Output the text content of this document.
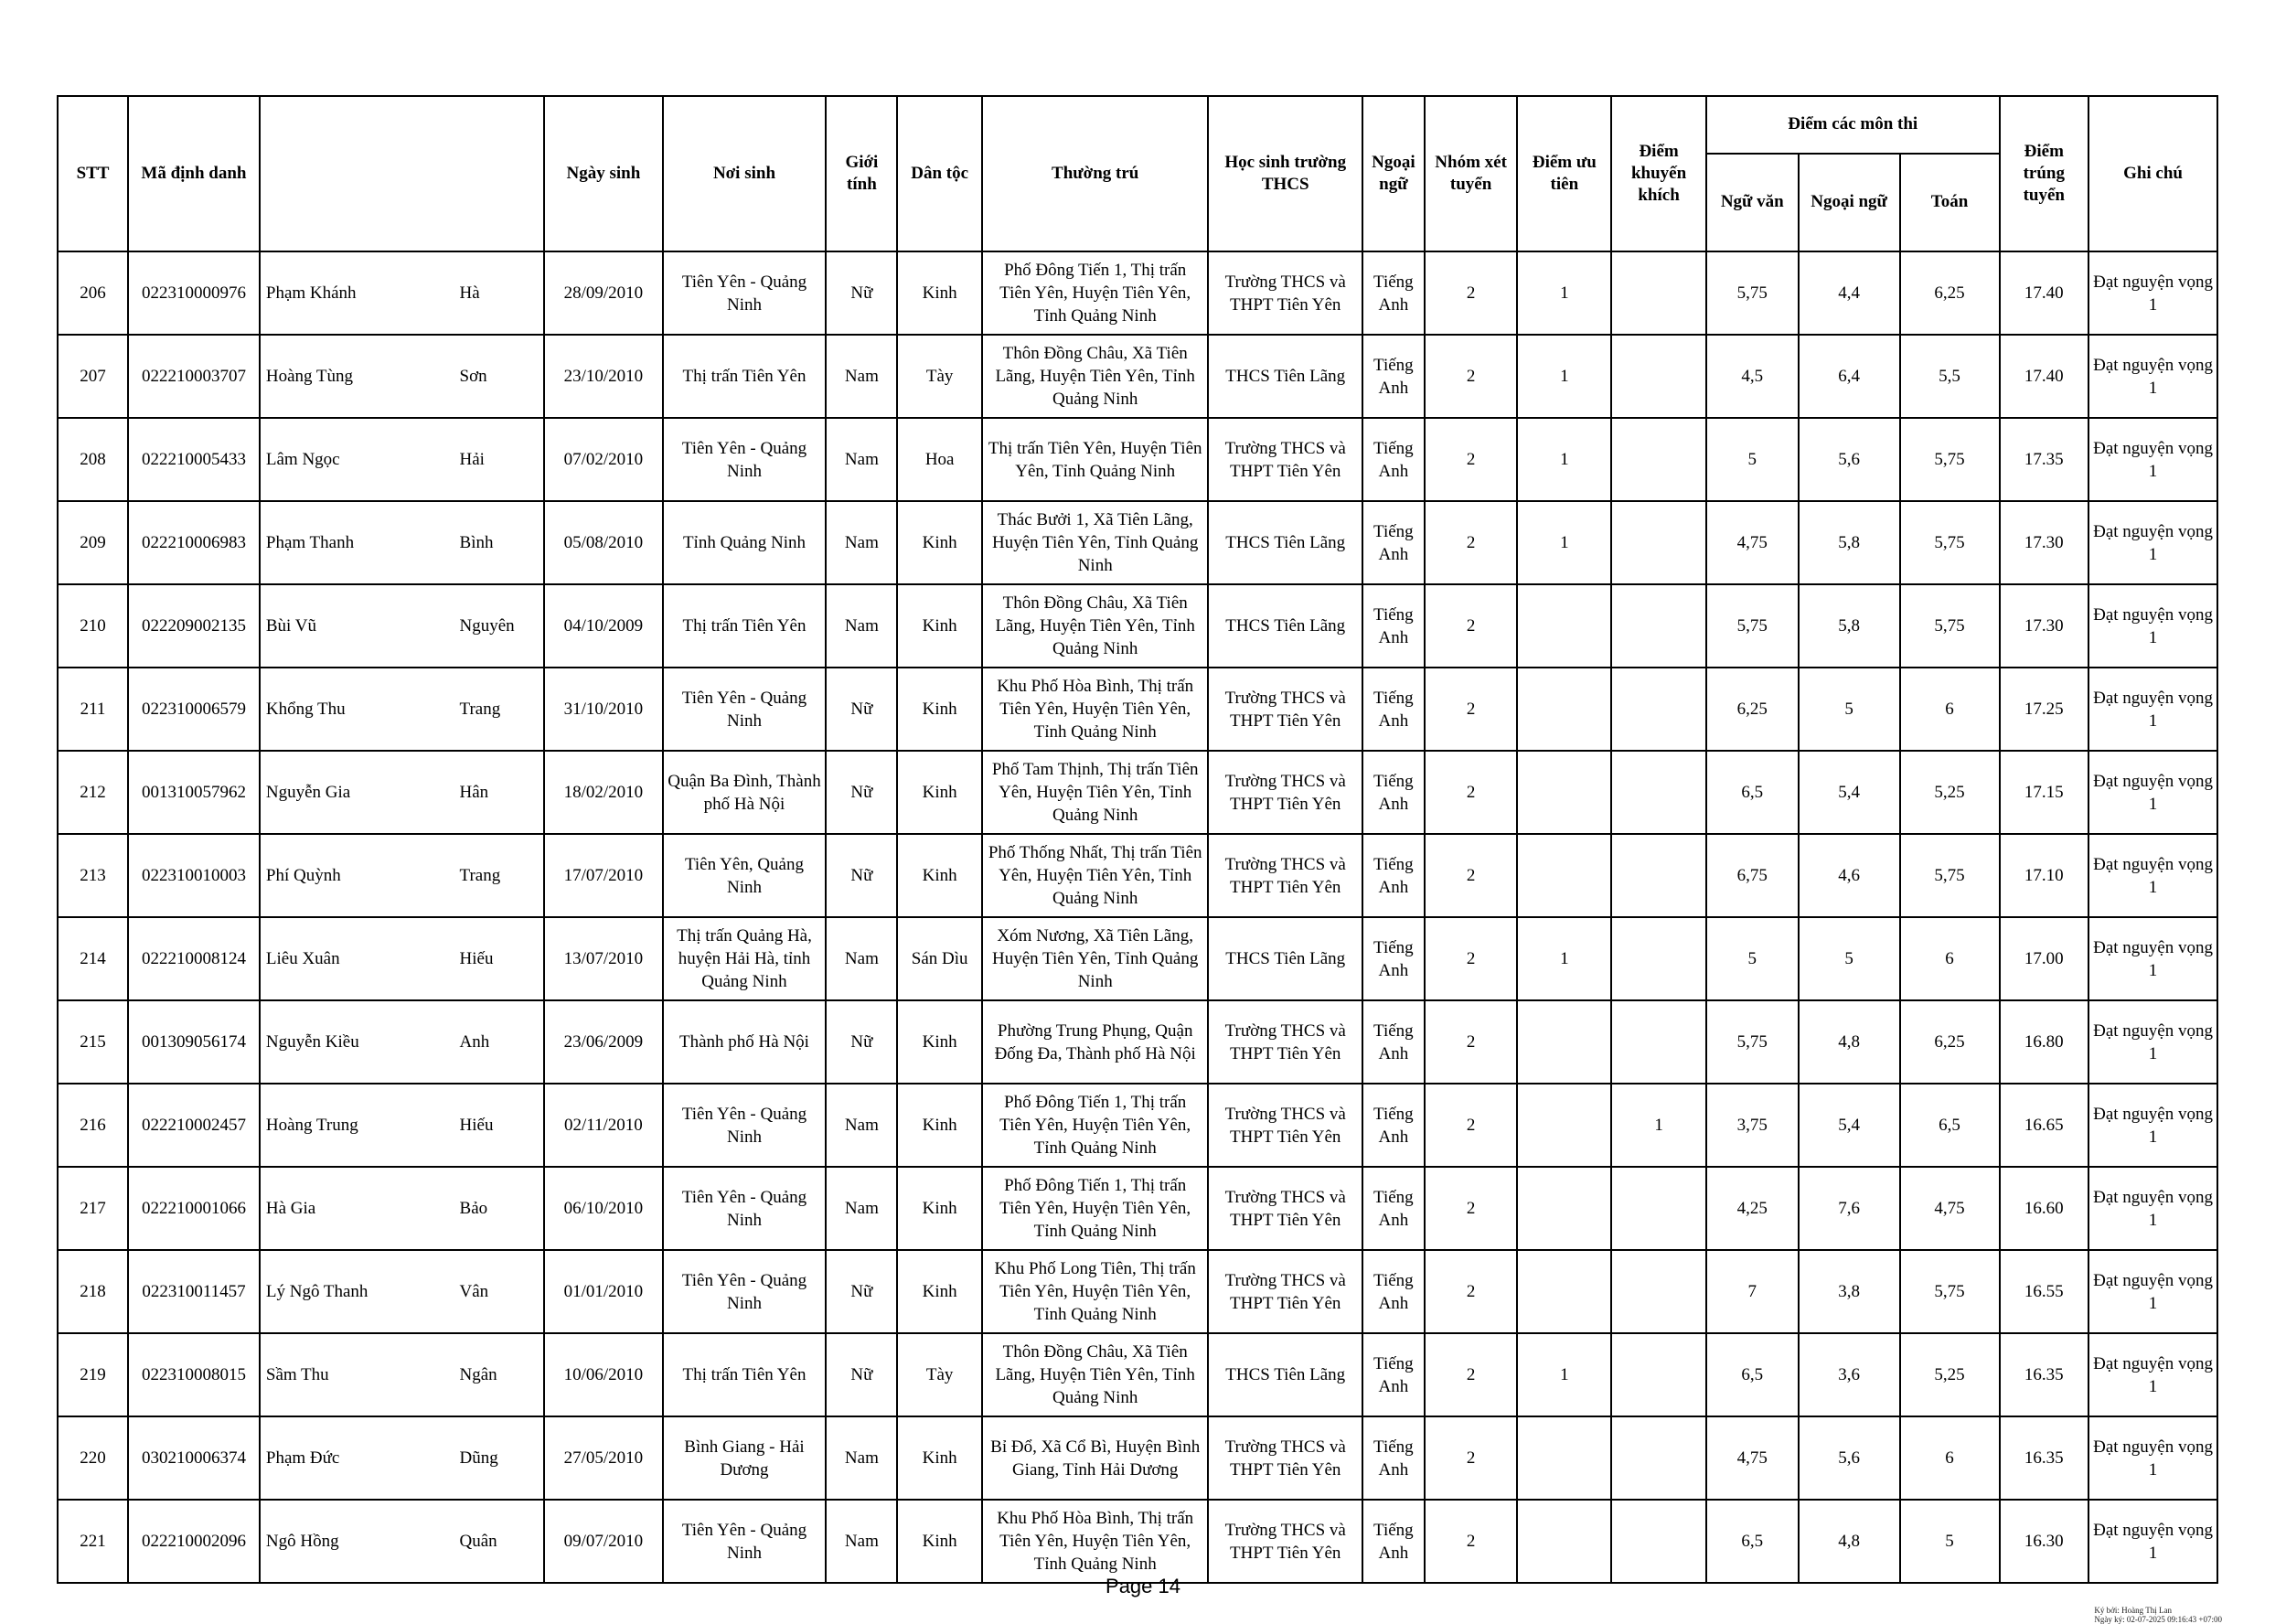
STT	Mã định danh			Ngày sinh	Nơi sinh	Giới tính	Dân tộc	Thường trú	Học sinh trường THCS	Ngoại ngữ	Nhóm xét tuyển	Điểm ưu tiên	Điểm khuyến khích	Điểm các môn thi			Điểm trúng tuyển	Ghi chú
														Ngữ văn	Ngoại ngữ	Toán		
206	022310000976	Phạm Khánh	Hà	28/09/2010	Tiên Yên - Quảng Ninh	Nữ	Kinh	Phố Đông Tiến 1, Thị trấn Tiên Yên, Huyện Tiên Yên, Tỉnh Quảng Ninh	Trường THCS và THPT Tiên Yên	Tiếng Anh	2	1		5,75	4,4	6,25	17.40	Đạt nguyện vọng 1
207	022210003707	Hoàng Tùng	Sơn	23/10/2010	Thị trấn Tiên Yên	Nam	Tày	Thôn Đồng Châu, Xã Tiên Lãng, Huyện Tiên Yên, Tỉnh Quảng Ninh	THCS Tiên Lãng	Tiếng Anh	2	1		4,5	6,4	5,5	17.40	Đạt nguyện vọng 1
208	022210005433	Lâm Ngọc	Hải	07/02/2010	Tiên Yên - Quảng Ninh	Nam	Hoa	Thị trấn Tiên Yên, Huyện Tiên Yên, Tỉnh Quảng Ninh	Trường THCS và THPT Tiên Yên	Tiếng Anh	2	1		5	5,6	5,75	17.35	Đạt nguyện vọng 1
209	022210006983	Phạm Thanh	Bình	05/08/2010	Tỉnh Quảng Ninh	Nam	Kinh	Thác Bưởi 1, Xã Tiên Lãng, Huyện Tiên Yên, Tỉnh Quảng Ninh	THCS Tiên Lãng	Tiếng Anh	2	1		4,75	5,8	5,75	17.30	Đạt nguyện vọng 1
210	022209002135	Bùi Vũ	Nguyên	04/10/2009	Thị trấn Tiên Yên	Nam	Kinh	Thôn Đồng Châu, Xã Tiên Lãng, Huyện Tiên Yên, Tỉnh Quảng Ninh	THCS Tiên Lãng	Tiếng Anh	2			5,75	5,8	5,75	17.30	Đạt nguyện vọng 1
211	022310006579	Khổng Thu	Trang	31/10/2010	Tiên Yên - Quảng Ninh	Nữ	Kinh	Khu Phố Hòa Bình, Thị trấn Tiên Yên, Huyện Tiên Yên, Tỉnh Quảng Ninh	Trường THCS và THPT Tiên Yên	Tiếng Anh	2			6,25	5	6	17.25	Đạt nguyện vọng 1
212	001310057962	Nguyễn Gia	Hân	18/02/2010	Quận Ba Đình, Thành phố Hà Nội	Nữ	Kinh	Phố Tam Thịnh, Thị trấn Tiên Yên, Huyện Tiên Yên, Tỉnh Quảng Ninh	Trường THCS và THPT Tiên Yên	Tiếng Anh	2			6,5	5,4	5,25	17.15	Đạt nguyện vọng 1
213	022310010003	Phí Quỳnh	Trang	17/07/2010	Tiên Yên, Quảng Ninh	Nữ	Kinh	Phố Thống Nhất, Thị trấn Tiên Yên, Huyện Tiên Yên, Tỉnh Quảng Ninh	Trường THCS và THPT Tiên Yên	Tiếng Anh	2			6,75	4,6	5,75	17.10	Đạt nguyện vọng 1
214	022210008124	Liêu Xuân	Hiếu	13/07/2010	Thị trấn Quảng Hà, huyện Hải Hà, tỉnh Quảng Ninh	Nam	Sán Dìu	Xóm Nương, Xã Tiên Lãng, Huyện Tiên Yên, Tỉnh Quảng Ninh	THCS Tiên Lãng	Tiếng Anh	2	1		5	5	6	17.00	Đạt nguyện vọng 1
215	001309056174	Nguyễn Kiều	Anh	23/06/2009	Thành phố Hà Nội	Nữ	Kinh	Phường Trung Phụng, Quận Đống Đa, Thành phố Hà Nội	Trường THCS và THPT Tiên Yên	Tiếng Anh	2			5,75	4,8	6,25	16.80	Đạt nguyện vọng 1
216	022210002457	Hoàng Trung	Hiếu	02/11/2010	Tiên Yên - Quảng Ninh	Nam	Kinh	Phố Đông Tiến 1, Thị trấn Tiên Yên, Huyện Tiên Yên, Tỉnh Quảng Ninh	Trường THCS và THPT Tiên Yên	Tiếng Anh	2		1	3,75	5,4	6,5	16.65	Đạt nguyện vọng 1
217	022210001066	Hà Gia	Bảo	06/10/2010	Tiên Yên - Quảng Ninh	Nam	Kinh	Phố Đông Tiến 1, Thị trấn Tiên Yên, Huyện Tiên Yên, Tỉnh Quảng Ninh	Trường THCS và THPT Tiên Yên	Tiếng Anh	2			4,25	7,6	4,75	16.60	Đạt nguyện vọng 1
218	022310011457	Lý Ngô Thanh	Vân	01/01/2010	Tiên Yên - Quảng Ninh	Nữ	Kinh	Khu Phố Long Tiên, Thị trấn Tiên Yên, Huyện Tiên Yên, Tỉnh Quảng Ninh	Trường THCS và THPT Tiên Yên	Tiếng Anh	2			7	3,8	5,75	16.55	Đạt nguyện vọng 1
219	022310008015	Sầm Thu	Ngân	10/06/2010	Thị trấn Tiên Yên	Nữ	Tày	Thôn Đồng Châu, Xã Tiên Lãng, Huyện Tiên Yên, Tỉnh Quảng Ninh	THCS Tiên Lãng	Tiếng Anh	2	1		6,5	3,6	5,25	16.35	Đạt nguyện vọng 1
220	030210006374	Phạm Đức	Dũng	27/05/2010	Bình Giang - Hải Dương	Nam	Kinh	Bỉ Đổ, Xã Cổ Bì, Huyện Bình Giang, Tỉnh Hải Dương	Trường THCS và THPT Tiên Yên	Tiếng Anh	2			4,75	5,6	6	16.35	Đạt nguyện vọng 1
221	022210002096	Ngô Hồng	Quân	09/07/2010	Tiên Yên - Quảng Ninh	Nam	Kinh	Khu Phố Hòa Bình, Thị trấn Tiên Yên, Huyện Tiên Yên, Tỉnh Quảng Ninh	Trường THCS và THPT Tiên Yên	Tiếng Anh	2			6,5	4,8	5	16.30	Đạt nguyện vọng 1
Page 14
Ký bởi: Hoàng Thị Lan
Ngày ký: 02-07-2025 09:16:43 +07:00
